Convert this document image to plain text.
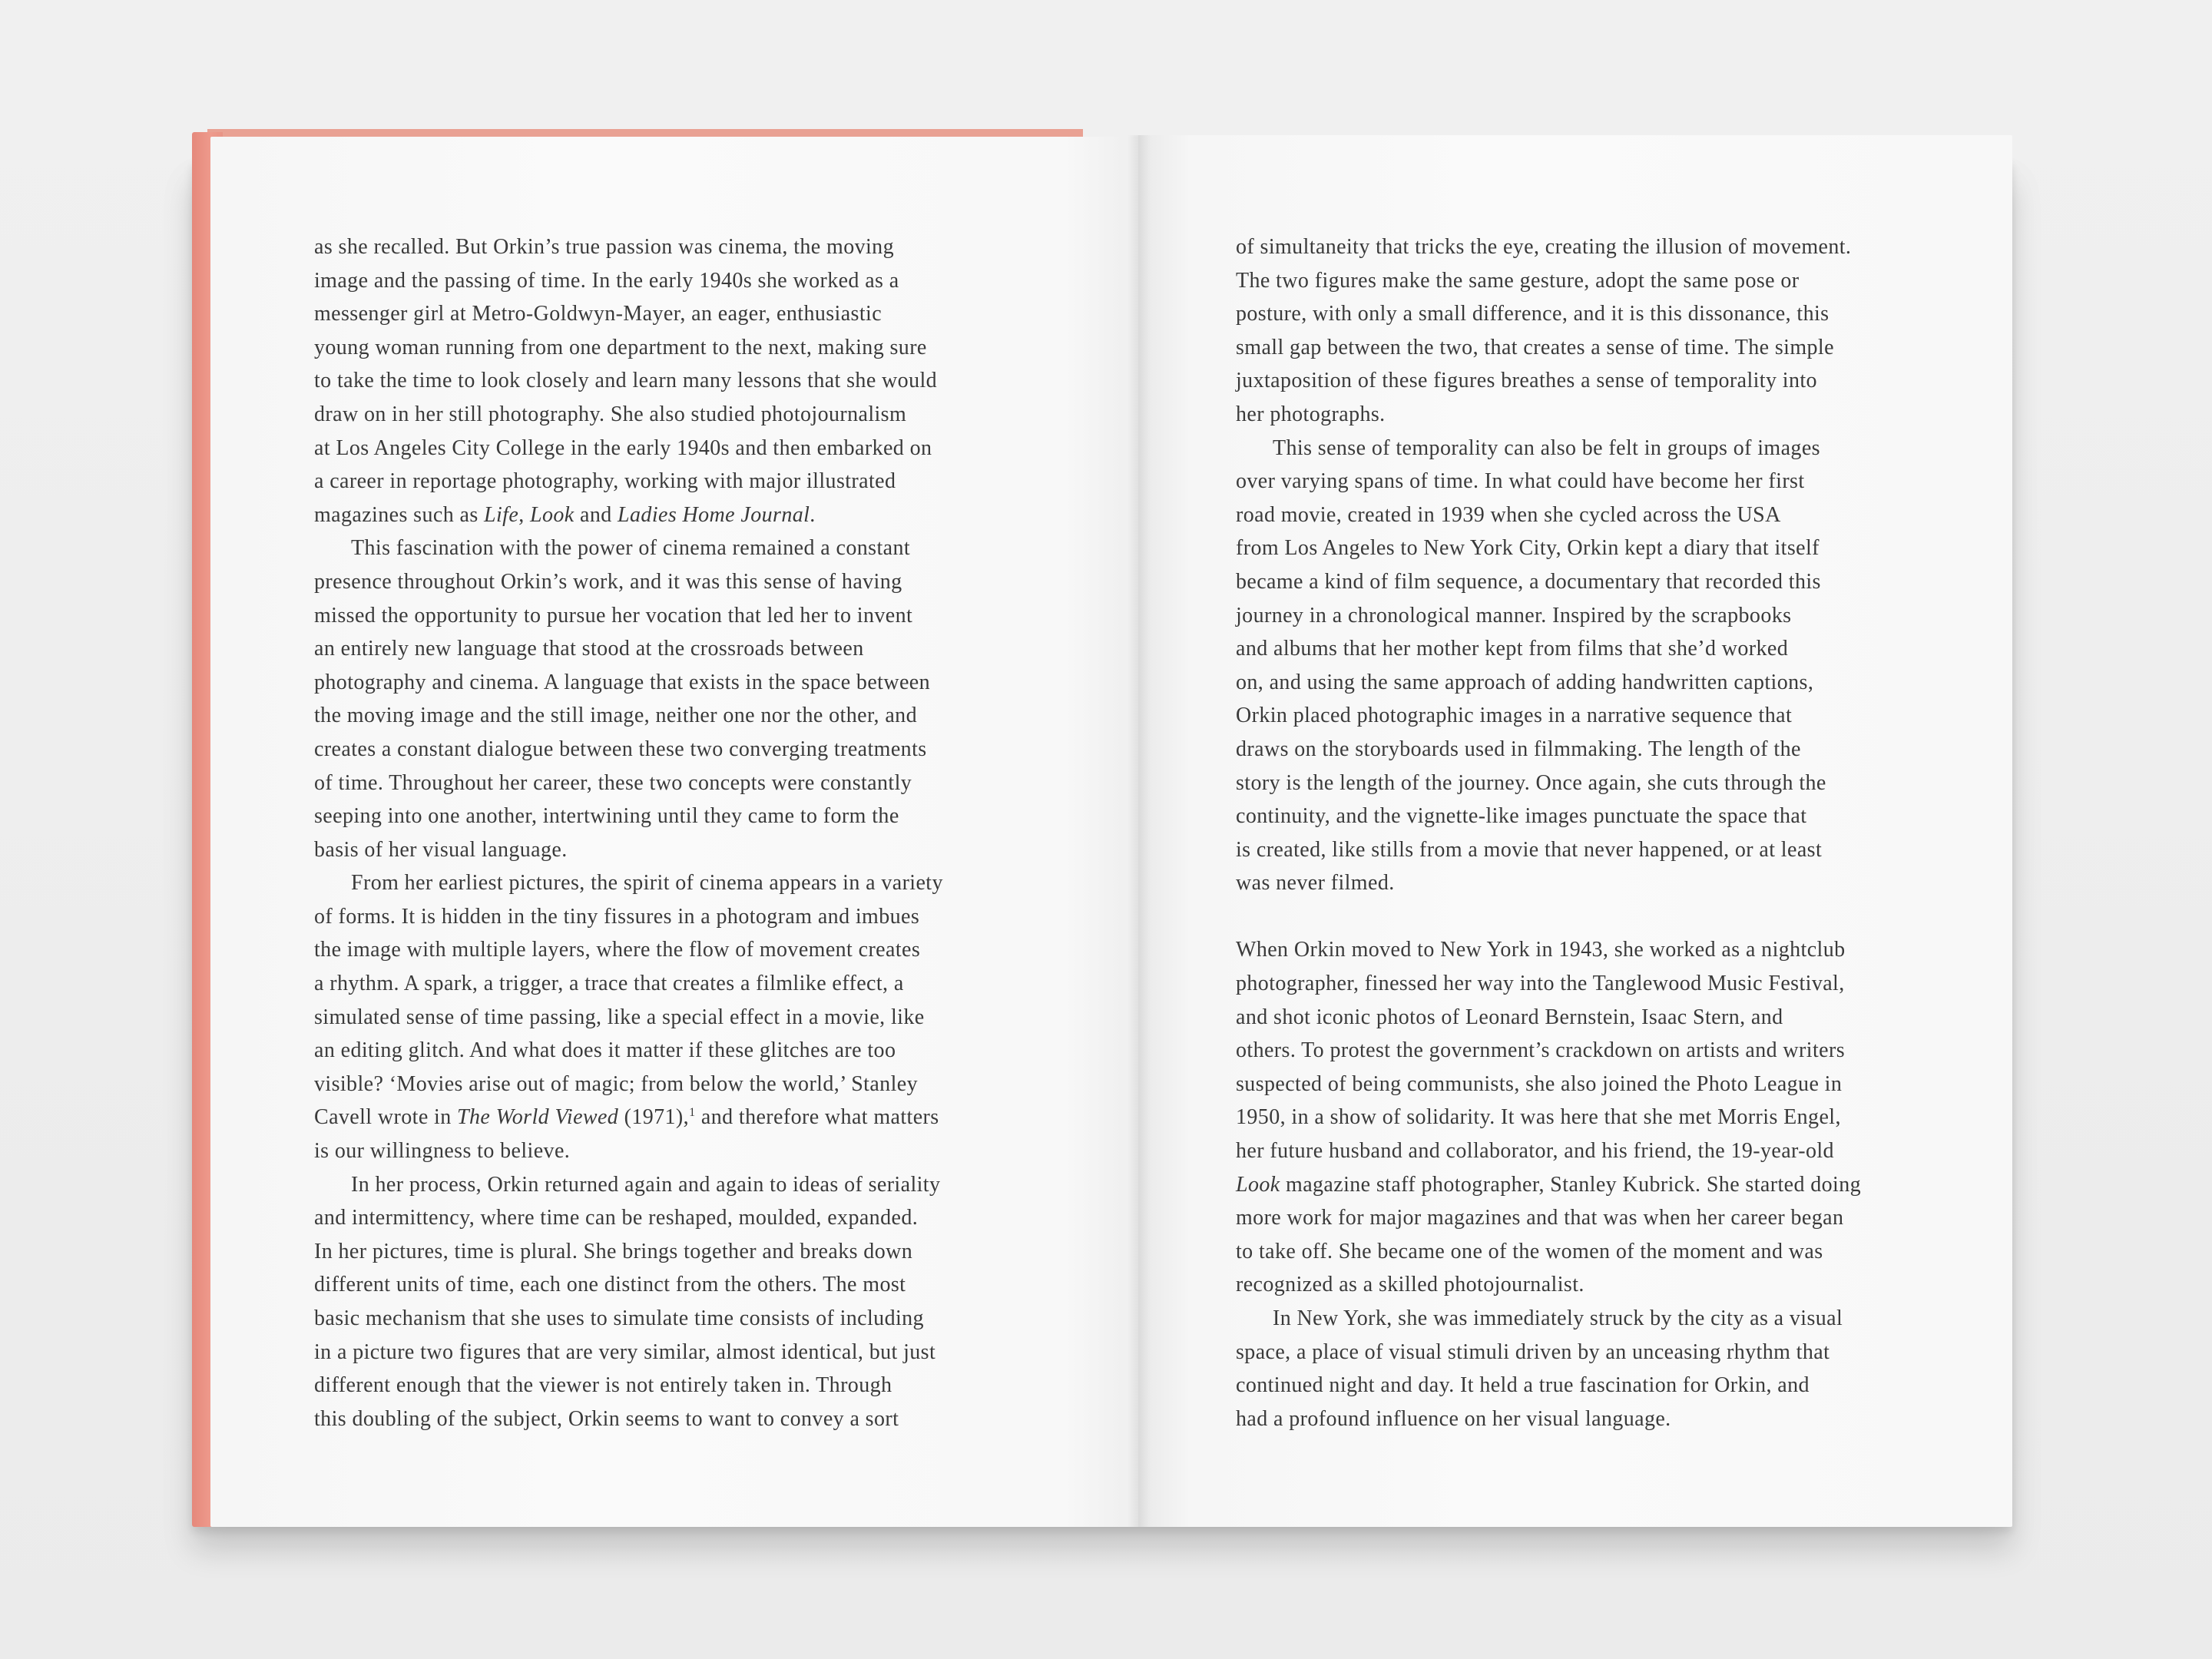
as she recalled. But Orkin’s true passion was cinema, the moving
image and the passing of time. In the early 1940s she worked as a
messenger girl at Metro-Goldwyn-Mayer, an eager, enthusiastic
young woman running from one department to the next, making sure
to take the time to look closely and learn many lessons that she would
draw on in her still photography. She also studied photojournalism
at Los Angeles City College in the early 1940s and then embarked on
a career in reportage photography, working with major illustrated
magazines such as Life, Look and Ladies Home Journal.
This fascination with the power of cinema remained a constant
presence throughout Orkin’s work, and it was this sense of having
missed the opportunity to pursue her vocation that led her to invent
an entirely new language that stood at the crossroads between
photography and cinema. A language that exists in the space between
the moving image and the still image, neither one nor the other, and
creates a constant dialogue between these two converging treatments
of time. Throughout her career, these two concepts were constantly
seeping into one another, intertwining until they came to form the
basis of her visual language.
From her earliest pictures, the spirit of cinema appears in a variety
of forms. It is hidden in the tiny fissures in a photogram and imbues
the image with multiple layers, where the flow of movement creates
a rhythm. A spark, a trigger, a trace that creates a filmlike effect, a
simulated sense of time passing, like a special effect in a movie, like
an editing glitch. And what does it matter if these glitches are too
visible? ‘Movies arise out of magic; from below the world,’ Stanley
Cavell wrote in The World Viewed (1971),$^1$ and therefore what matters
is our willingness to believe.
In her process, Orkin returned again and again to ideas of seriality
and intermittency, where time can be reshaped, moulded, expanded.
In her pictures, time is plural. She brings together and breaks down
different units of time, each one distinct from the others. The most
basic mechanism that she uses to simulate time consists of including
in a picture two figures that are very similar, almost identical, but just
different enough that the viewer is not entirely taken in. Through
this doubling of the subject, Orkin seems to want to convey a sort
of simultaneity that tricks the eye, creating the illusion of movement.
The two figures make the same gesture, adopt the same pose or
posture, with only a small difference, and it is this dissonance, this
small gap between the two, that creates a sense of time. The simple
juxtaposition of these figures breathes a sense of temporality into
her photographs.
This sense of temporality can also be felt in groups of images
over varying spans of time. In what could have become her first
road movie, created in 1939 when she cycled across the USA
from Los Angeles to New York City, Orkin kept a diary that itself
became a kind of film sequence, a documentary that recorded this
journey in a chronological manner. Inspired by the scrapbooks
and albums that her mother kept from films that she’d worked
on, and using the same approach of adding handwritten captions,
Orkin placed photographic images in a narrative sequence that
draws on the storyboards used in filmmaking. The length of the
story is the length of the journey. Once again, she cuts through the
continuity, and the vignette-like images punctuate the space that
is created, like stills from a movie that never happened, or at least
was never filmed.
When Orkin moved to New York in 1943, she worked as a nightclub
photographer, finessed her way into the Tanglewood Music Festival,
and shot iconic photos of Leonard Bernstein, Isaac Stern, and
others. To protest the government’s crackdown on artists and writers
suspected of being communists, she also joined the Photo League in
1950, in a show of solidarity. It was here that she met Morris Engel,
her future husband and collaborator, and his friend, the 19-year-old
Look magazine staff photographer, Stanley Kubrick. She started doing
more work for major magazines and that was when her career began
to take off. She became one of the women of the moment and was
recognized as a skilled photojournalist.
In New York, she was immediately struck by the city as a visual
space, a place of visual stimuli driven by an unceasing rhythm that
continued night and day. It held a true fascination for Orkin, and
had a profound influence on her visual language.
